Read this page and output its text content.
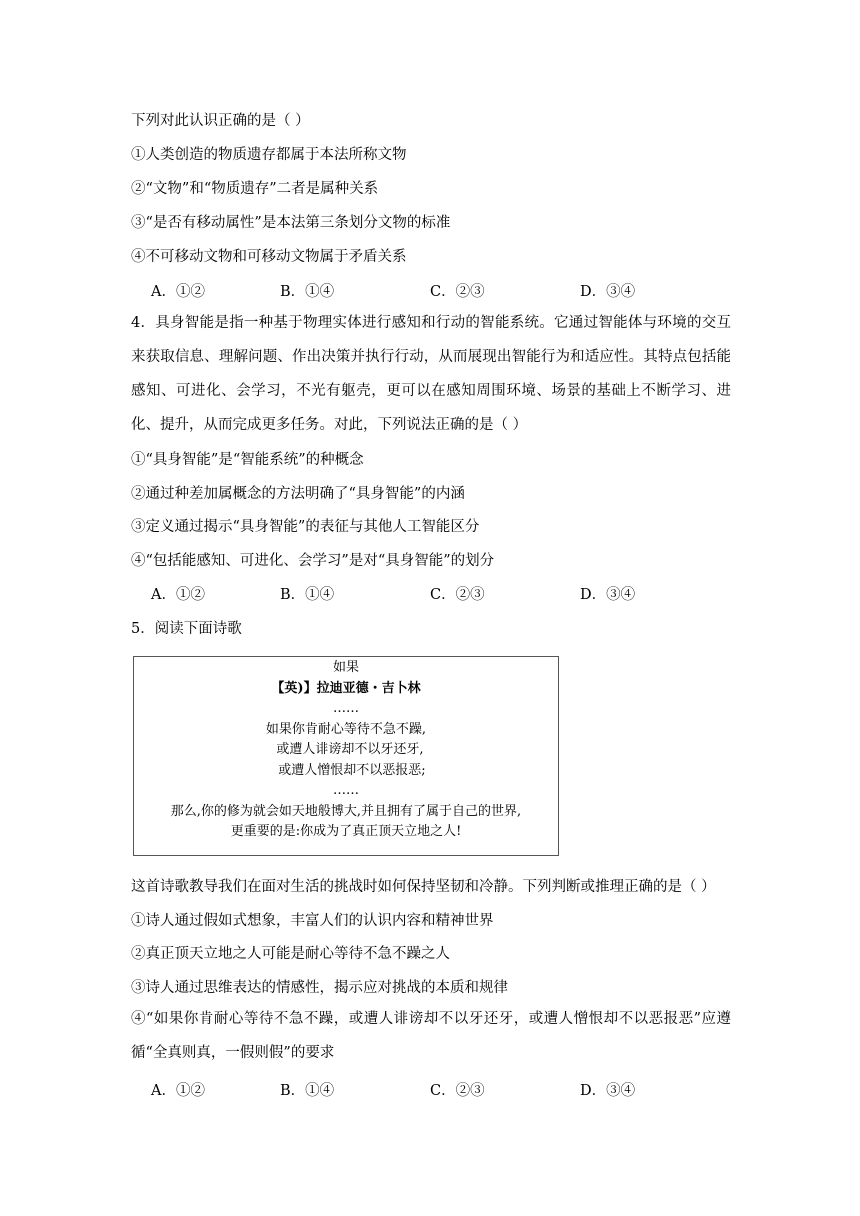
下列对此认识正确的是（ ）
①人类创造的物质遗存都属于本法所称文物
②“文物”和“物质遗存”二者是属种关系
③“是否有移动属性”是本法第三条划分文物的标准
④不可移动文物和可移动文物属于矛盾关系
A．①②	B．①④	C．②③	D．③④
4．具身智能是指一种基于物理实体进行感知和行动的智能系统。它通过智能体与环境的交互来获取信息、理解问题、作出决策并执行行动，从而展现出智能行为和适应性。其特点包括能感知、可进化、会学习，不光有躯壳，更可以在感知周围环境、场景的基础上不断学习、进化、提升，从而完成更多任务。对此，下列说法正确的是（ ）
①“具身智能”是“智能系统”的种概念
②通过种差加属概念的方法明确了“具身智能”的内涵
③定义通过揭示“具身智能”的表征与其他人工智能区分
④“包括能感知、可进化、会学习”是对“具身智能”的划分
A．①②	B．①④	C．②③	D．③④
5．阅读下面诗歌
如果
【英)】拉迪亚德・吉卜林
……
如果你肯耐心等待不急不躁,
或遭人诽谤却不以牙还牙,
或遭人憎恨却不以恶报恶;
……
那么,你的修为就会如天地般博大,并且拥有了属于自己的世界,
更重要的是:你成为了真正顶天立地之人!
这首诗歌教导我们在面对生活的挑战时如何保持坚韧和冷静。下列判断或推理正确的是（ ）
①诗人通过假如式想象，丰富人们的认识内容和精神世界
②真正顶天立地之人可能是耐心等待不急不躁之人
③诗人通过思维表达的情感性，揭示应对挑战的本质和规律
④“如果你肯耐心等待不急不躁，或遭人诽谤却不以牙还牙，或遭人憎恨却不以恶报恶”应遵循“全真则真，一假则假”的要求
A．①②	B．①④	C．②③	D．③④
